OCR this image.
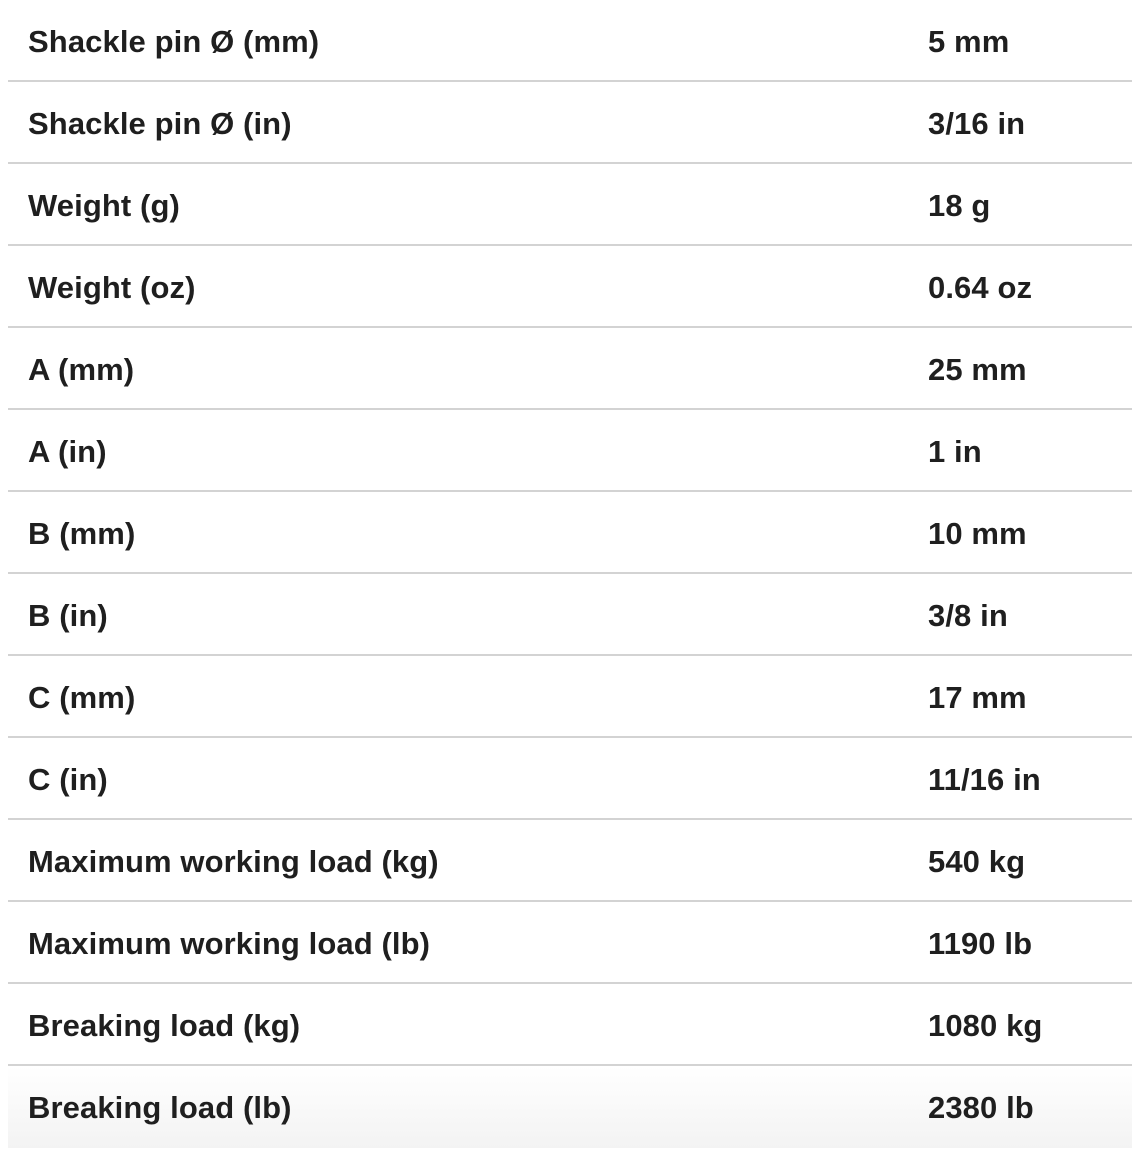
Shackle pin Ø (mm)	5 mm
Shackle pin Ø (in)	3/16 in
Weight (g)	18 g
Weight (oz)	0.64 oz
A (mm)	25 mm
A (in)	1 in
B (mm)	10 mm
B (in)	3/8 in
C (mm)	17 mm
C (in)	11/16 in
Maximum working load (kg)	540 kg
Maximum working load (lb)	1190 lb
Breaking load (kg)	1080 kg
Breaking load (lb)	2380 lb
